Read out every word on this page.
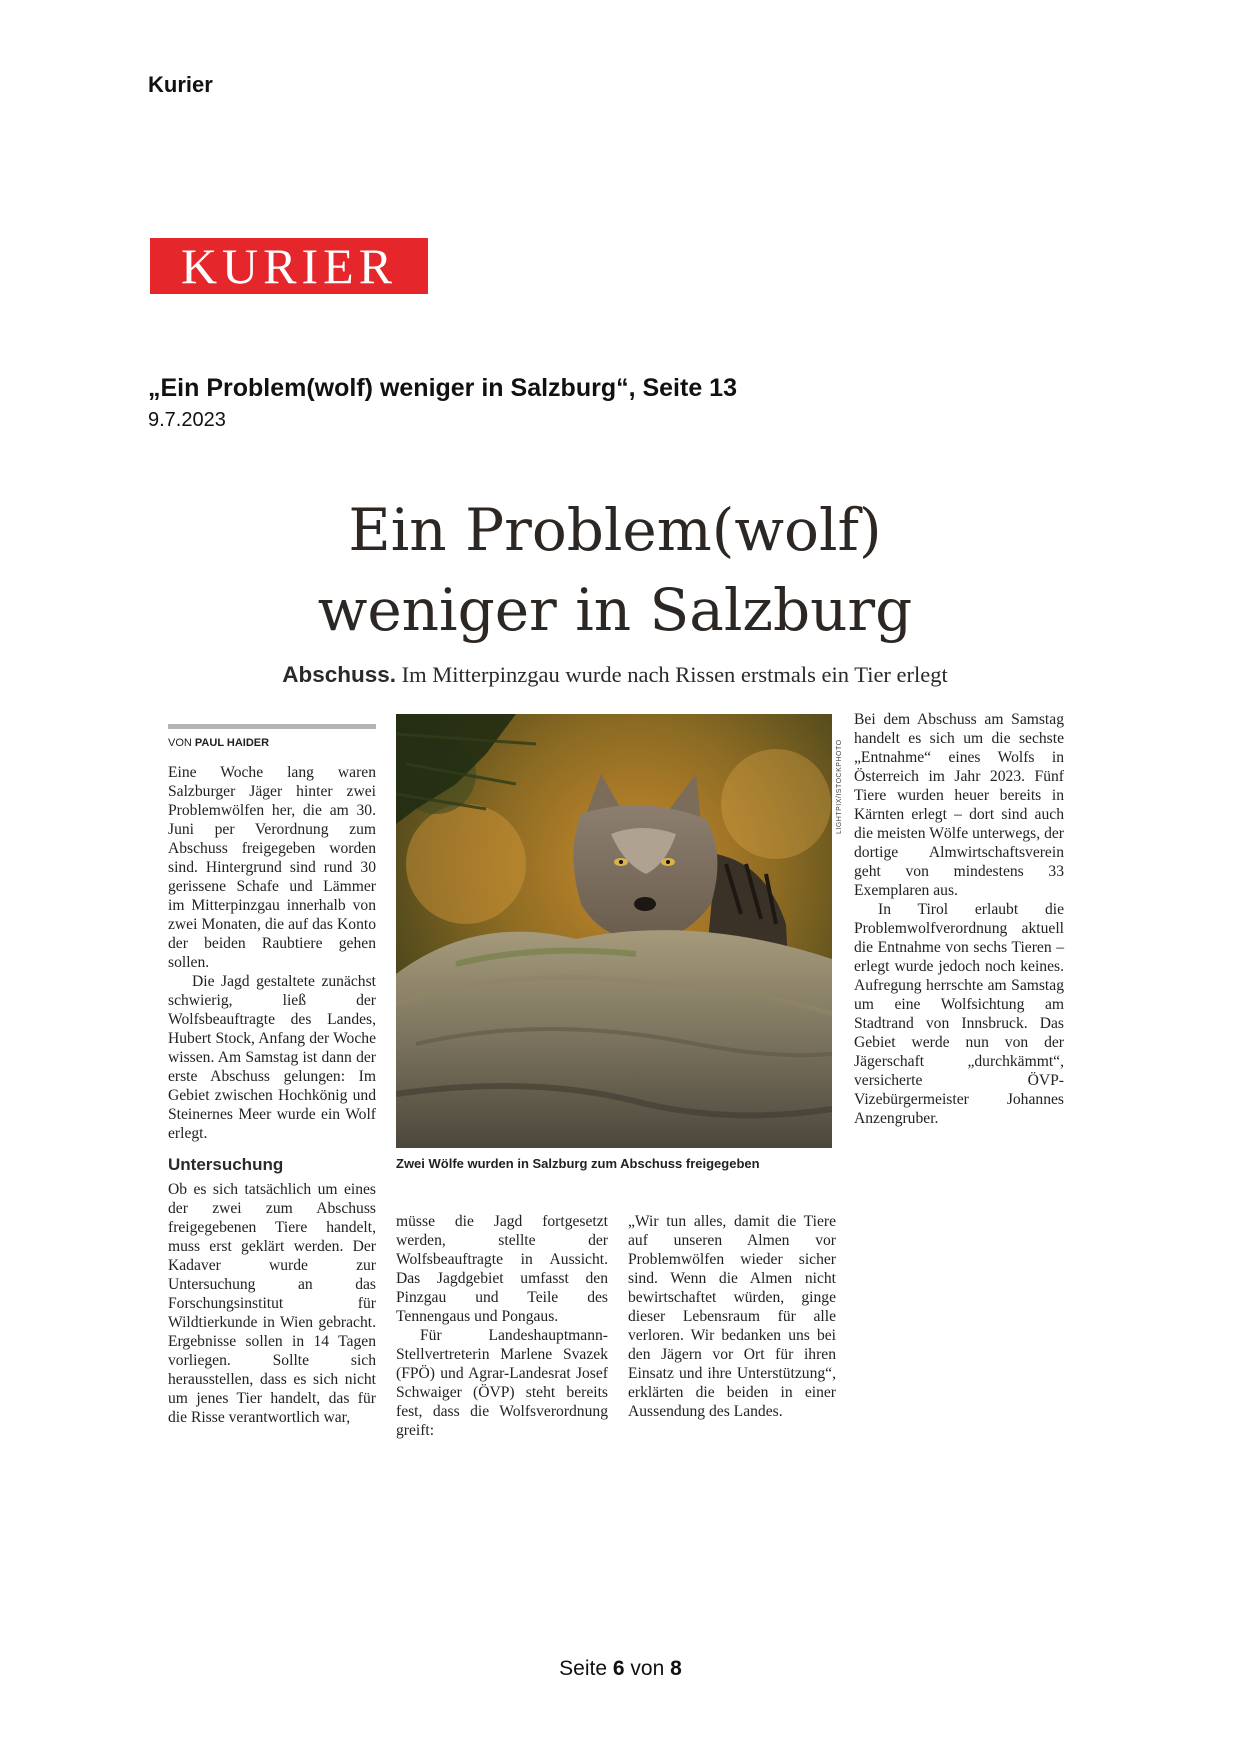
Kurier
KURIER
„Ein Problem(wolf) weniger in Salzburg“, Seite 13
9.7.2023
Ein Problem(wolf)
weniger in Salzburg
Abschuss. Im Mitterpinzgau wurde nach Rissen erstmals ein Tier erlegt
VON PAUL HAIDER

Eine Woche lang waren Salzburger Jäger hinter zwei Problemwölfen her, die am 30. Juni per Verordnung zum Abschuss freigegeben worden sind. Hintergrund sind rund 30 gerissene Schafe und Lämmer im Mitterpinzgau innerhalb von zwei Monaten, die auf das Konto der beiden Raubtiere gehen sollen.

Die Jagd gestaltete zunächst schwierig, ließ der Wolfsbeauftragte des Landes, Hubert Stock, Anfang der Woche wissen. Am Samstag ist dann der erste Abschuss gelungen: Im Gebiet zwischen Hochkönig und Steinernes Meer wurde ein Wolf erlegt.

Untersuchung

Ob es sich tatsächlich um eines der zwei zum Abschuss freigegebenen Tiere handelt, muss erst geklärt werden. Der Kadaver wurde zur Untersuchung an das Forschungsinstitut für Wildtierkunde in Wien gebracht. Ergebnisse sollen in 14 Tagen vorliegen. Sollte sich herausstellen, dass es sich nicht um jenes Tier handelt, das für die Risse verantwortlich war,

LIGHTPIX/ISTOCKPHOTO
Zwei Wölfe wurden in Salzburg zum Abschuss freigegeben

müsse die Jagd fortgesetzt werden, stellte der Wolfsbeauftragte in Aussicht. Das Jagdgebiet umfasst den Pinzgau und Teile des Tennengaus und Pongaus.

Für Landeshauptmann-Stellvertreterin Marlene Svazek (FPÖ) und Agrar-Landesrat Josef Schwaiger (ÖVP) steht bereits fest, dass die Wolfsverordnung greift:

„Wir tun alles, damit die Tiere auf unseren Almen vor Problemwölfen wieder sicher sind. Wenn die Almen nicht bewirtschaftet würden, ginge dieser Lebensraum für alle verloren. Wir bedanken uns bei den Jägern vor Ort für ihren Einsatz und ihre Unterstützung“, erklärten die beiden in einer Aussendung des Landes.

Bei dem Abschuss am Samstag handelt es sich um die sechste „Entnahme“ eines Wolfs in Österreich im Jahr 2023. Fünf Tiere wurden heuer bereits in Kärnten erlegt – dort sind auch die meisten Wölfe unterwegs, der dortige Almwirtschaftsverein geht von mindestens 33 Exemplaren aus.

In Tirol erlaubt die Problemwolfverordnung aktuell die Entnahme von sechs Tieren – erlegt wurde jedoch noch keines. Aufregung herrschte am Samstag um eine Wolfsichtung am Stadtrand von Innsbruck. Das Gebiet werde nun von der Jägerschaft „durchkämmt“, versicherte ÖVP-Vizebürgermeister Johannes Anzengruber.

Seite 6 von 8
